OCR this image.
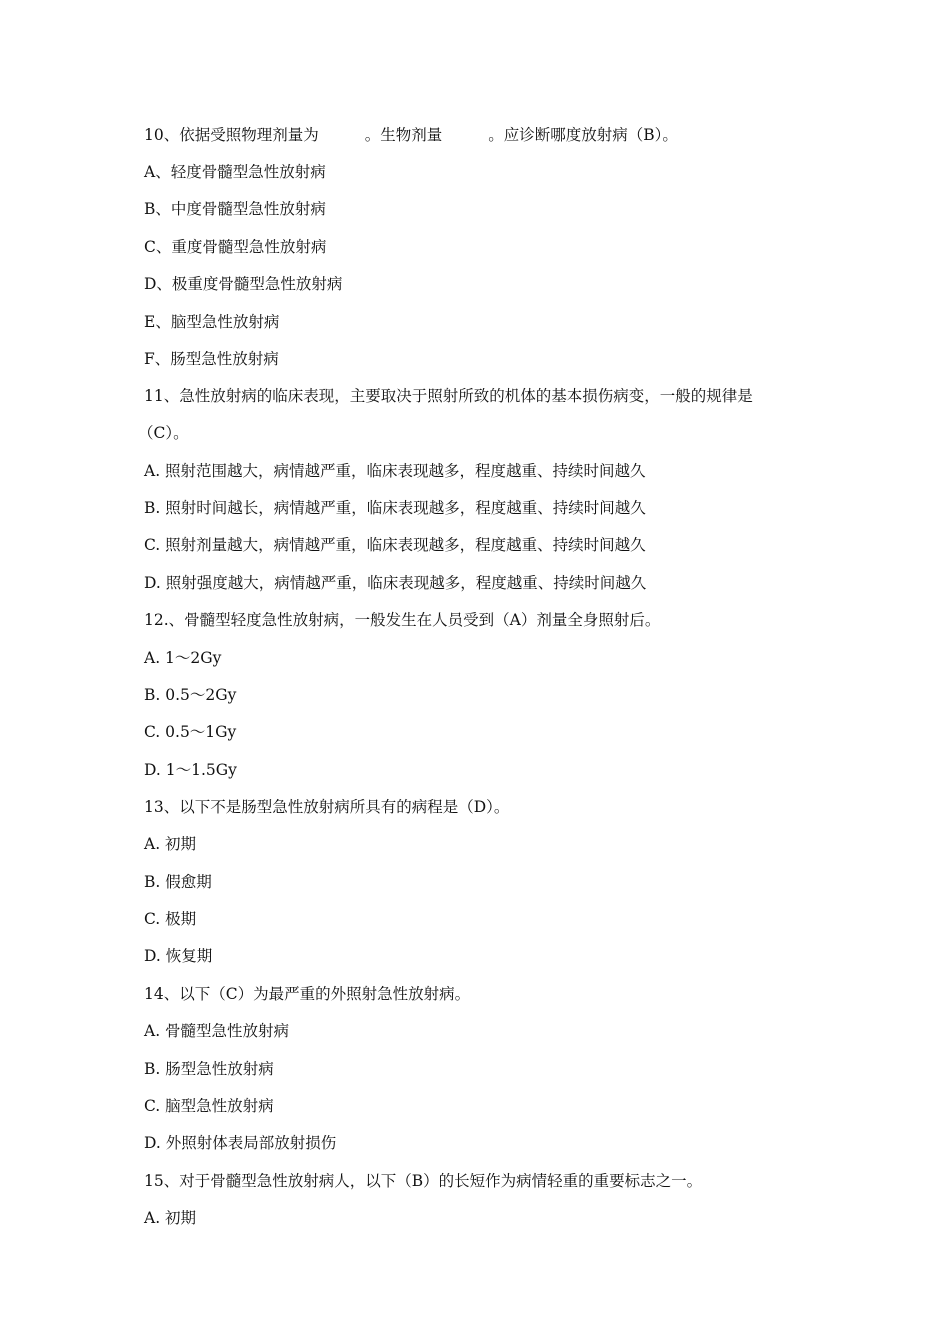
10、依据受照物理剂量为	。生物剂量	。应诊断哪度放射病（B）。
A、轻度骨髓型急性放射病
B、中度骨髓型急性放射病
C、重度骨髓型急性放射病
D、极重度骨髓型急性放射病
E、脑型急性放射病
F、肠型急性放射病
11、急性放射病的临床表现，主要取决于照射所致的机体的基本损伤病变，一般的规律是
（C）。
A. 照射范围越大，病情越严重，临床表现越多，程度越重、持续时间越久
B. 照射时间越长，病情越严重，临床表现越多，程度越重、持续时间越久
C. 照射剂量越大，病情越严重，临床表现越多，程度越重、持续时间越久
D. 照射强度越大，病情越严重，临床表现越多，程度越重、持续时间越久
12.、骨髓型轻度急性放射病，一般发生在人员受到（A）剂量全身照射后。
A. 1～2Gy
B. 0.5～2Gy
C. 0.5～1Gy
D. 1～1.5Gy
13、以下不是肠型急性放射病所具有的病程是（D）。
A. 初期
B. 假愈期
C. 极期
D. 恢复期
14、以下（C）为最严重的外照射急性放射病。
A. 骨髓型急性放射病
B. 肠型急性放射病
C. 脑型急性放射病
D. 外照射体表局部放射损伤
15、对于骨髓型急性放射病人，以下（B）的长短作为病情轻重的重要标志之一。
A. 初期
